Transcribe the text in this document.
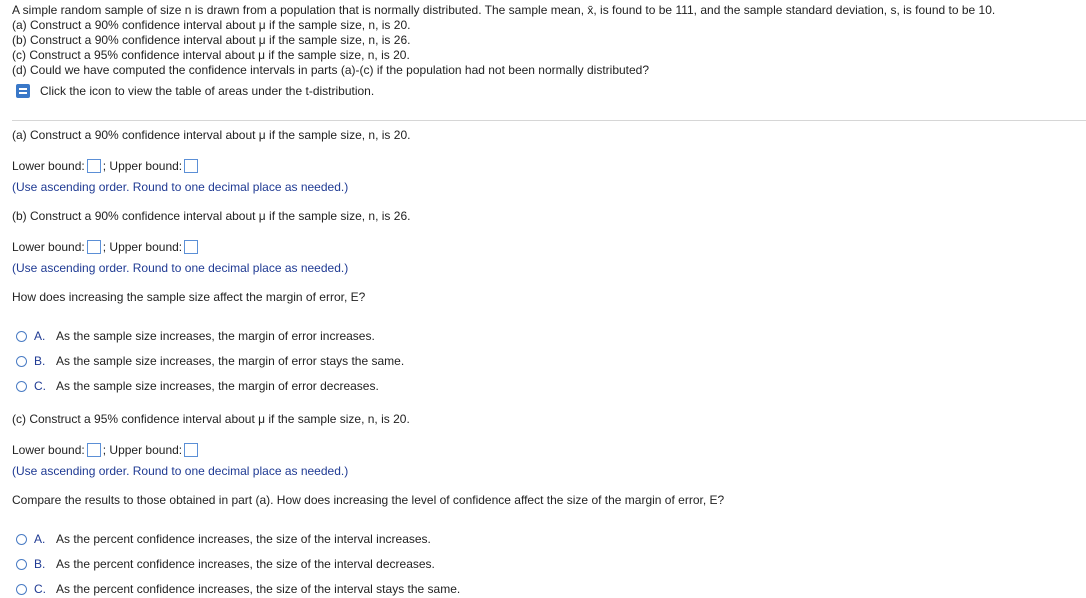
A simple random sample of size n is drawn from a population that is normally distributed. The sample mean, x̄, is found to be 111, and the sample standard deviation, s, is found to be 10.
(a) Construct a 90% confidence interval about μ if the sample size, n, is 20.
(b) Construct a 90% confidence interval about μ if the sample size, n, is 26.
(c) Construct a 95% confidence interval about μ if the sample size, n, is 20.
(d) Could we have computed the confidence intervals in parts (a)-(c) if the population had not been normally distributed?
Click the icon to view the table of areas under the t-distribution.
(a) Construct a 90% confidence interval about μ if the sample size, n, is 20.
Lower bound: ; Upper bound:
(Use ascending order. Round to one decimal place as needed.)
(b) Construct a 90% confidence interval about μ if the sample size, n, is 26.
Lower bound: ; Upper bound:
(Use ascending order. Round to one decimal place as needed.)
How does increasing the sample size affect the margin of error, E?
A. As the sample size increases, the margin of error increases.
B. As the sample size increases, the margin of error stays the same.
C. As the sample size increases, the margin of error decreases.
(c) Construct a 95% confidence interval about μ if the sample size, n, is 20.
Lower bound: ; Upper bound:
(Use ascending order. Round to one decimal place as needed.)
Compare the results to those obtained in part (a). How does increasing the level of confidence affect the size of the margin of error, E?
A. As the percent confidence increases, the size of the interval increases.
B. As the percent confidence increases, the size of the interval decreases.
C. As the percent confidence increases, the size of the interval stays the same.
